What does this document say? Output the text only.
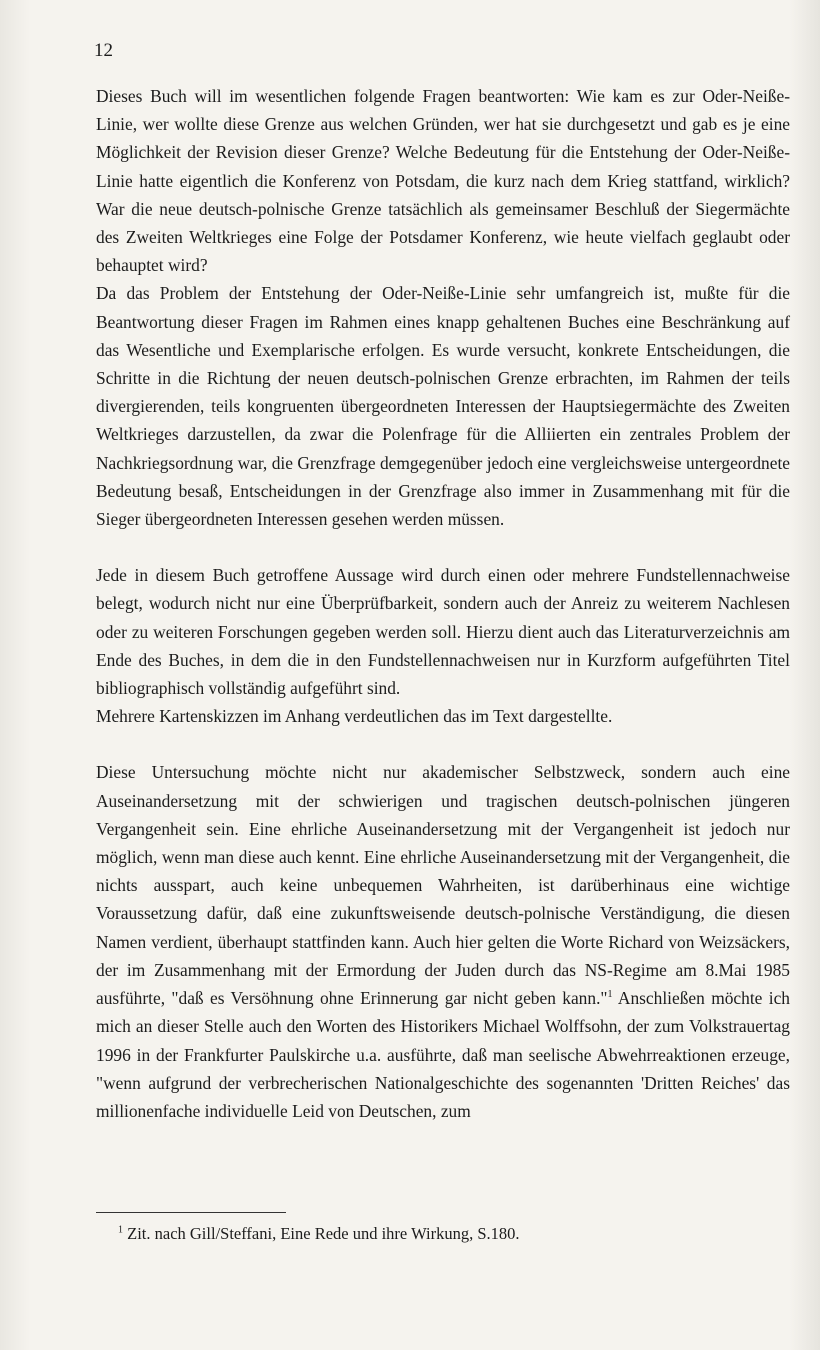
12

Dieses Buch will im wesentlichen folgende Fragen beantworten: Wie kam es zur Oder-Neiße-Linie, wer wollte diese Grenze aus welchen Gründen, wer hat sie durchgesetzt und gab es je eine Möglichkeit der Revision dieser Grenze? Welche Bedeutung für die Entstehung der Oder-Neiße-Linie hatte eigentlich die Konferenz von Potsdam, die kurz nach dem Krieg stattfand, wirklich? War die neue deutsch-polnische Grenze tatsächlich als gemeinsamer Beschluß der Siegermächte des Zweiten Weltkrieges eine Folge der Potsdamer Konferenz, wie heute vielfach geglaubt oder behauptet wird?

Da das Problem der Entstehung der Oder-Neiße-Linie sehr umfangreich ist, mußte für die Beantwortung dieser Fragen im Rahmen eines knapp gehaltenen Buches eine Beschränkung auf das Wesentliche und Exemplarische erfolgen. Es wurde versucht, konkrete Entscheidungen, die Schritte in die Richtung der neuen deutsch-polnischen Grenze erbrachten, im Rahmen der teils divergierenden, teils kongruenten übergeordneten Interessen der Hauptsiegermächte des Zweiten Weltkrieges darzustellen, da zwar die Polenfrage für die Alliierten ein zentrales Problem der Nachkriegsordnung war, die Grenzfrage demgegenüber jedoch eine vergleichsweise untergeordnete Bedeutung besaß, Entscheidungen in der Grenzfrage also immer in Zusammenhang mit für die Sieger übergeordneten Interessen gesehen werden müssen.

Jede in diesem Buch getroffene Aussage wird durch einen oder mehrere Fundstellennachweise belegt, wodurch nicht nur eine Überprüfbarkeit, sondern auch der Anreiz zu weiterem Nachlesen oder zu weiteren Forschungen gegeben werden soll. Hierzu dient auch das Literaturverzeichnis am Ende des Buches, in dem die in den Fundstellennachweisen nur in Kurzform aufgeführten Titel bibliographisch vollständig aufgeführt sind.

Mehrere Kartenskizzen im Anhang verdeutlichen das im Text dargestellte.

Diese Untersuchung möchte nicht nur akademischer Selbstzweck, sondern auch eine Auseinandersetzung mit der schwierigen und tragischen deutsch-polnischen jüngeren Vergangenheit sein. Eine ehrliche Auseinandersetzung mit der Vergangenheit ist jedoch nur möglich, wenn man diese auch kennt. Eine ehrliche Auseinandersetzung mit der Vergangenheit, die nichts ausspart, auch keine unbequemen Wahrheiten, ist darüberhinaus eine wichtige Voraussetzung dafür, daß eine zukunftsweisende deutsch-polnische Verständigung, die diesen Namen verdient, überhaupt stattfinden kann. Auch hier gelten die Worte Richard von Weizsäckers, der im Zusammenhang mit der Ermordung der Juden durch das NS-Regime am 8.Mai 1985 ausführte, "daß es Versöhnung ohne Erinnerung gar nicht geben kann."$^1$ Anschließen möchte ich mich an dieser Stelle auch den Worten des Historikers Michael Wolffsohn, der zum Volkstrauertag 1996 in der Frankfurter Paulskirche u.a. ausführte, daß man seelische Abwehrreaktionen erzeuge, "wenn aufgrund der verbrecherischen Nationalgeschichte des sogenannten 'Dritten Reiches' das millionenfache individuelle Leid von Deutschen, zum

$^1$ Zit. nach Gill/Steffani, Eine Rede und ihre Wirkung, S.180.
